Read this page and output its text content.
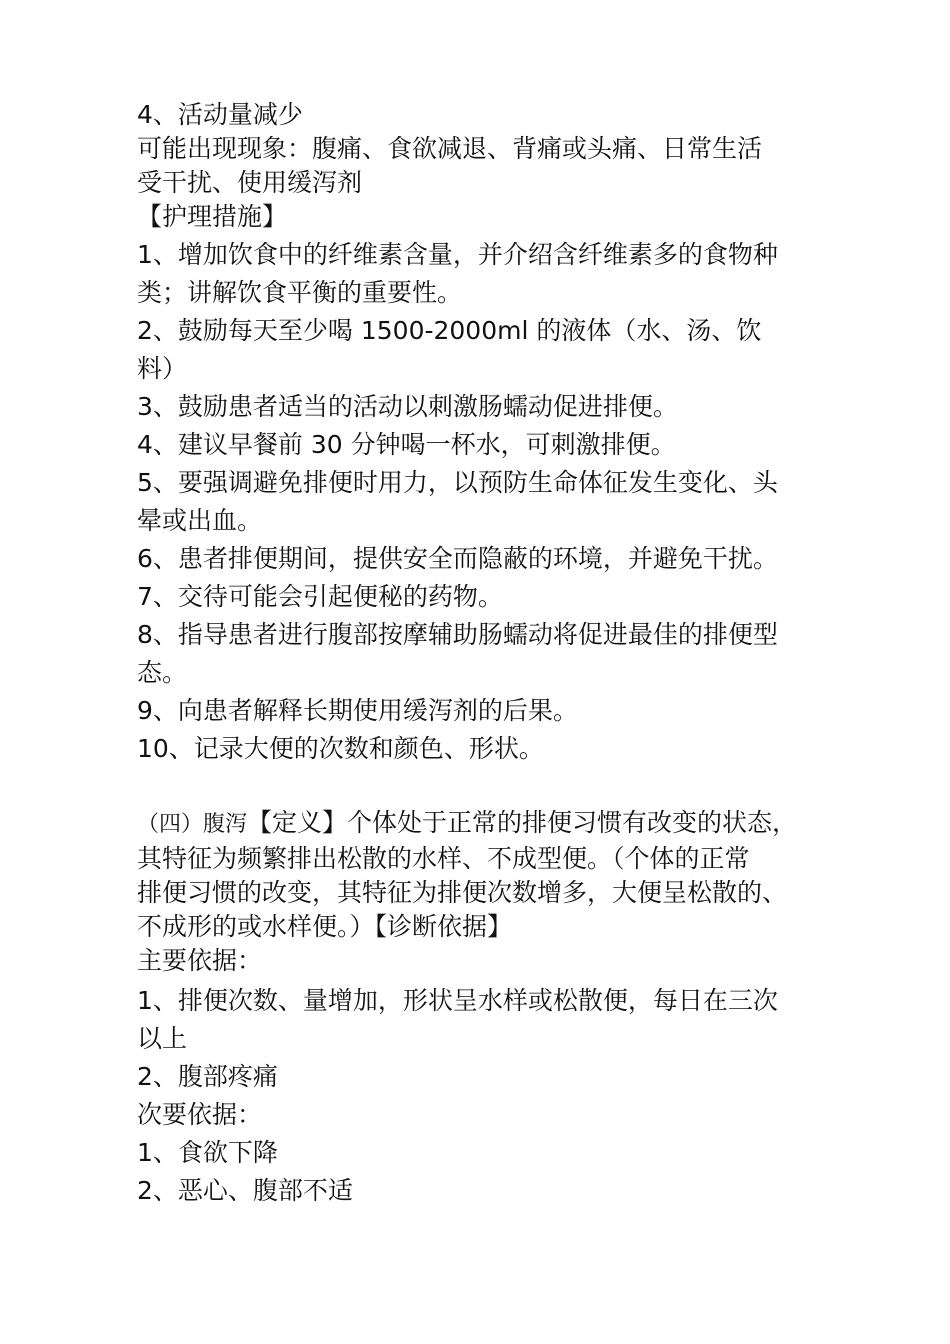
4、活动量减少

可能出现现象：腹痛、食欲减退、背痛或头痛、日常生活

受干扰、使用缓泻剂

【护理措施】

1、增加饮食中的纤维素含量，并介绍含纤维素多的食物种

类；讲解饮食平衡的重要性。

2、鼓励每天至少喝 1500-2000ml 的液体（水、汤、饮

料）

3、鼓励患者适当的活动以刺激肠蠕动促进排便。

4、建议早餐前 30 分钟喝一杯水，可刺激排便。

5、要强调避免排便时用力，以预防生命体征发生变化、头

晕或出血。

6、患者排便期间，提供安全而隐蔽的环境，并避免干扰。

7、交待可能会引起便秘的药物。

8、指导患者进行腹部按摩辅助肠蠕动将促进最佳的排便型

态。

9、向患者解释长期使用缓泻剂的后果。

10、记录大便的次数和颜色、形状。

（四）腹泻【定义】个体处于正常的排便习惯有改变的状态，

其特征为频繁排出松散的水样、不成型便。（个体的正常

排便习惯的改变，其特征为排便次数增多，大便呈松散的、

不成形的或水样便。）【诊断依据】

主要依据：

1、排便次数、量增加，形状呈水样或松散便，每日在三次

以上

2、腹部疼痛

次要依据：

1、食欲下降

2、恶心、腹部不适
